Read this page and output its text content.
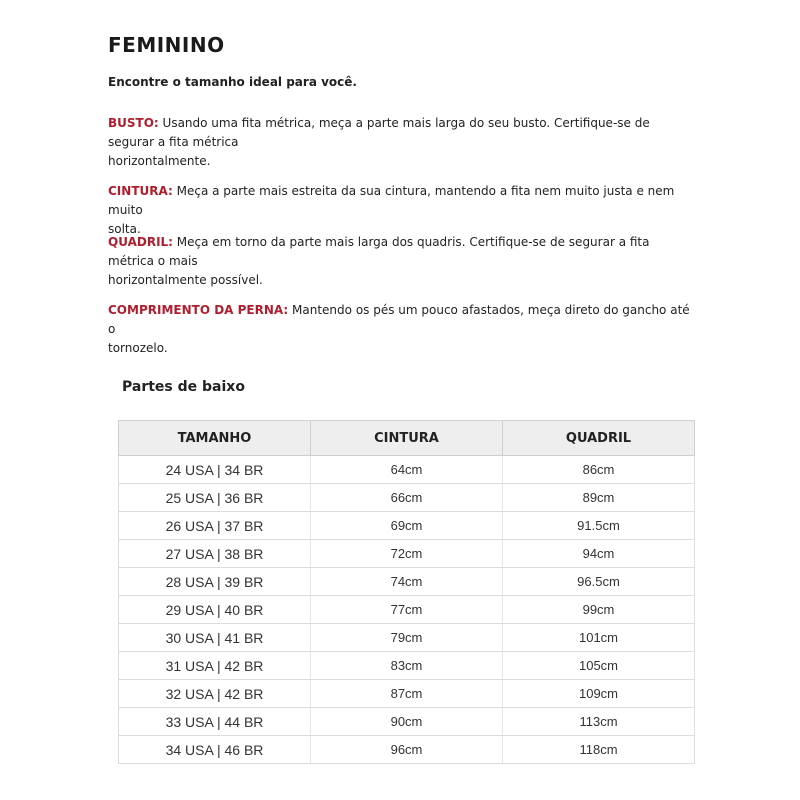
FEMININO

Encontre o tamanho ideal para você.

BUSTO: Usando uma fita métrica, meça a parte mais larga do seu busto. Certifique-se de segurar a fita métrica
horizontalmente.

CINTURA: Meça a parte mais estreita da sua cintura, mantendo a fita nem muito justa e nem muito
solta.

QUADRIL: Meça em torno da parte mais larga dos quadris. Certifique-se de segurar a fita métrica o mais
horizontalmente possível.

COMPRIMENTO DA PERNA: Mantendo os pés um pouco afastados, meça direto do gancho até o
tornozelo.

Partes de baixo
TAMANHO	CINTURA	QUADRIL
24 USA | 34 BR	64cm	86cm
25 USA | 36 BR	66cm	89cm
26 USA | 37 BR	69cm	91.5cm
27 USA | 38 BR	72cm	94cm
28 USA | 39 BR	74cm	96.5cm
29 USA | 40 BR	77cm	99cm
30 USA | 41 BR	79cm	101cm
31 USA | 42 BR	83cm	105cm
32 USA | 42 BR	87cm	109cm
33 USA | 44 BR	90cm	113cm
34 USA | 46 BR	96cm	118cm
